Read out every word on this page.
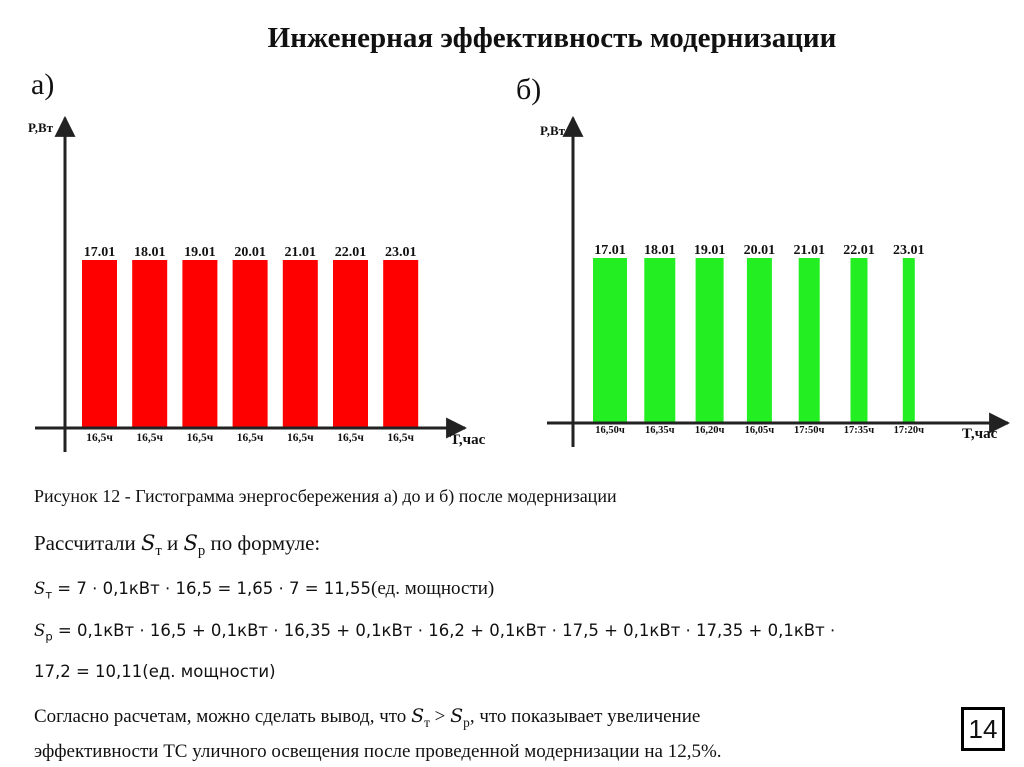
Инженерная эффективность модернизации
а)	б)
17.01
16,5ч
18.01
16,5ч
19.01
16,5ч
20.01
16,5ч
21.01
16,5ч
22.01
16,5ч
23.01
16,5ч
P,Вт
T,час
17.01
16,50ч
18.01
16,35ч
19.01
16,20ч
20.01
16,05ч
21.01
17:50ч
22.01
17:35ч
23.01
17:20ч
P,Вт
T,час
Рисунок 12 - Гистограмма энергосбережения а) до и б) после модернизации
Рассчитали $S_т$ и $S_р$ по формуле:
$S_т = 7 \cdot 0,1кВт \cdot 16,5 = 1,65 \cdot 7 = 11,55(ед$. мощности)
$S_р = 0,1кВт \cdot 16,5 + 0,1кВт \cdot 16,35 + 0,1кВт \cdot 16,2 + 0,1кВт \cdot 17,5 + 0,1кВт \cdot 17,35 + 0,1кВт$ ⋅
17,2 = 10,11(ед. мощности)
Согласно расчетам, можно сделать вывод, что $S_т > S_р$, что показывает увеличение
эффективности ТС уличного освещения после проведенной модернизации на 12,5%.
14
